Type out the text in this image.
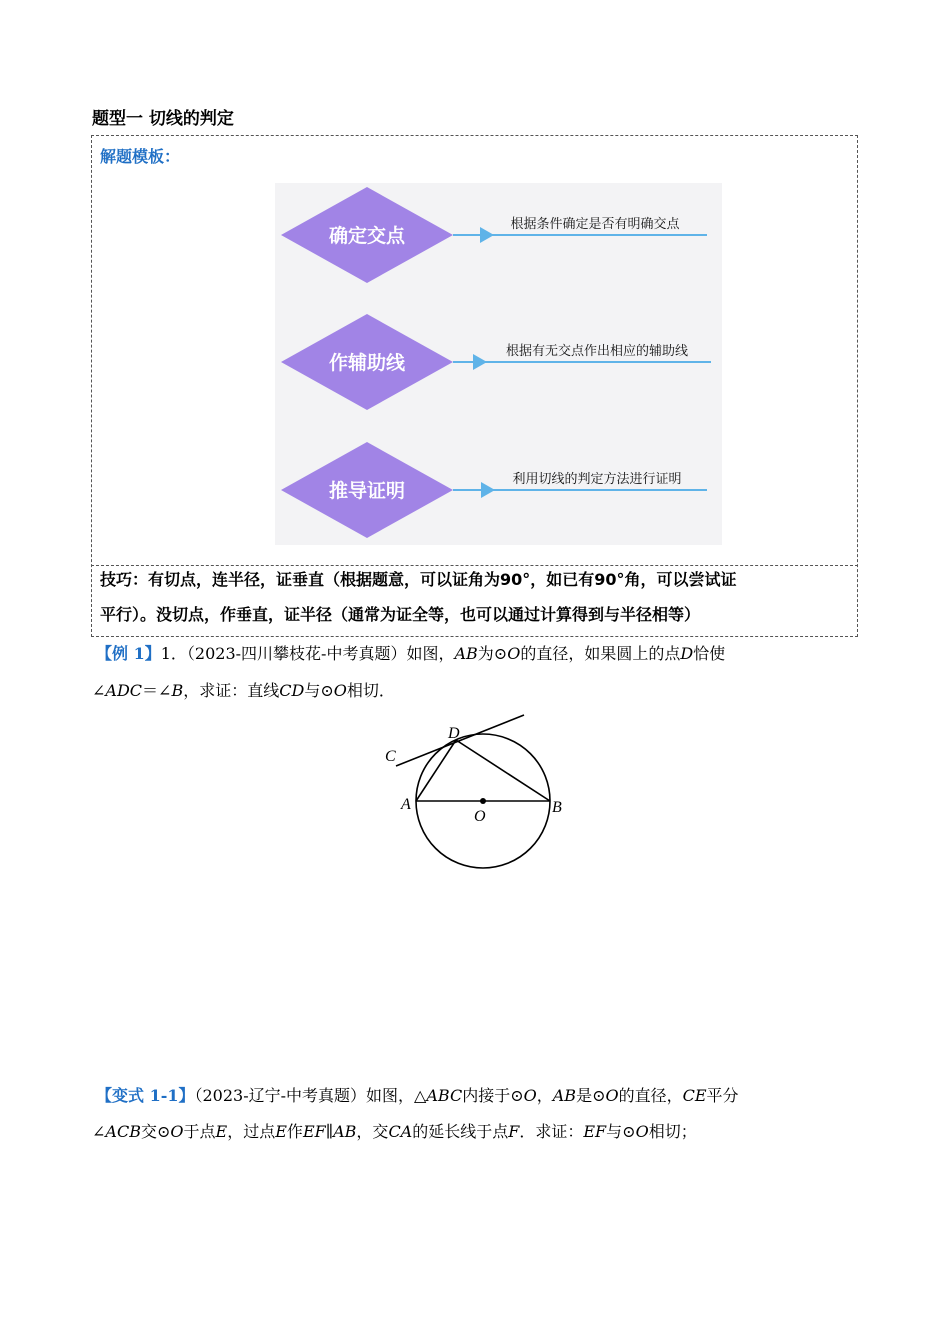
题型一 切线的判定
解题模板：
确定交点
根据条件确定是否有明确交点
作辅助线
根据有无交点作出相应的辅助线
推导证明
利用切线的判定方法进行证明
技巧：有切点，连半径，证垂直（根据题意，可以证角为90°，如已有90°角，可以尝试证
平行）。没切点，作垂直，证半径（通常为证全等，也可以通过计算得到与半径相等）
【例 1】1．（2023-四川攀枝花-中考真题）如图，AB为⊙O的直径，如果圆上的点D恰使
∠ADC＝∠B，求证：直线CD与⊙O相切．
C
D
A	B
O
【变式 1-1】（2023-辽宁-中考真题）如图，△ABC内接于⊙O，AB是⊙O的直径，CE平分
∠ACB交⊙O于点E，过点E作EF∥AB，交CA的延长线于点F．求证：EF与⊙O相切；
